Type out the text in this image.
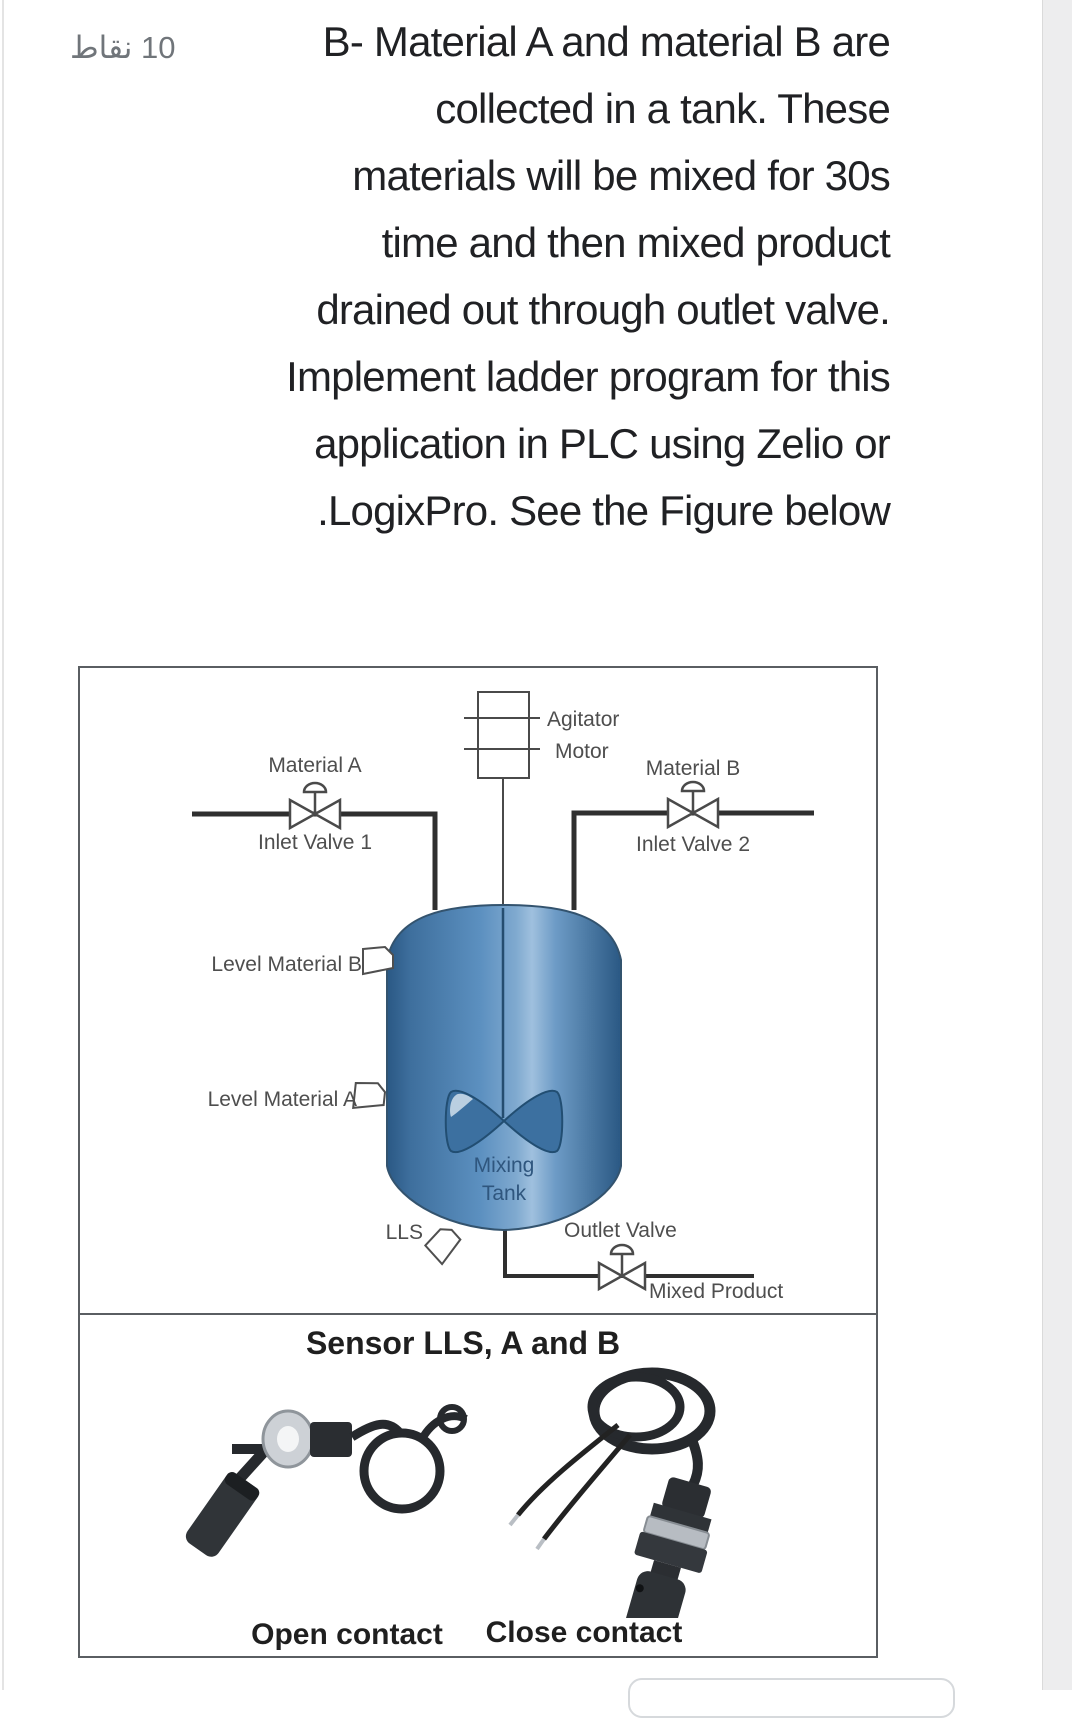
10 نقاط	B- Material A and material B are
collected in a tank. These
materials will be mixed for 30s
time and then mixed product
drained out through outlet valve.
Implement ladder program for this
application in PLC using Zelio or
.LogixPro. See the Figure below
Agitator
Motor
Material A
Inlet Valve 1
Material B
Inlet Valve 2
Level Material B
Level Material A
Mixing
Tank
LLS	Outlet Valve
Mixed Product
Sensor LLS, A and B
Open contact	Close contact
